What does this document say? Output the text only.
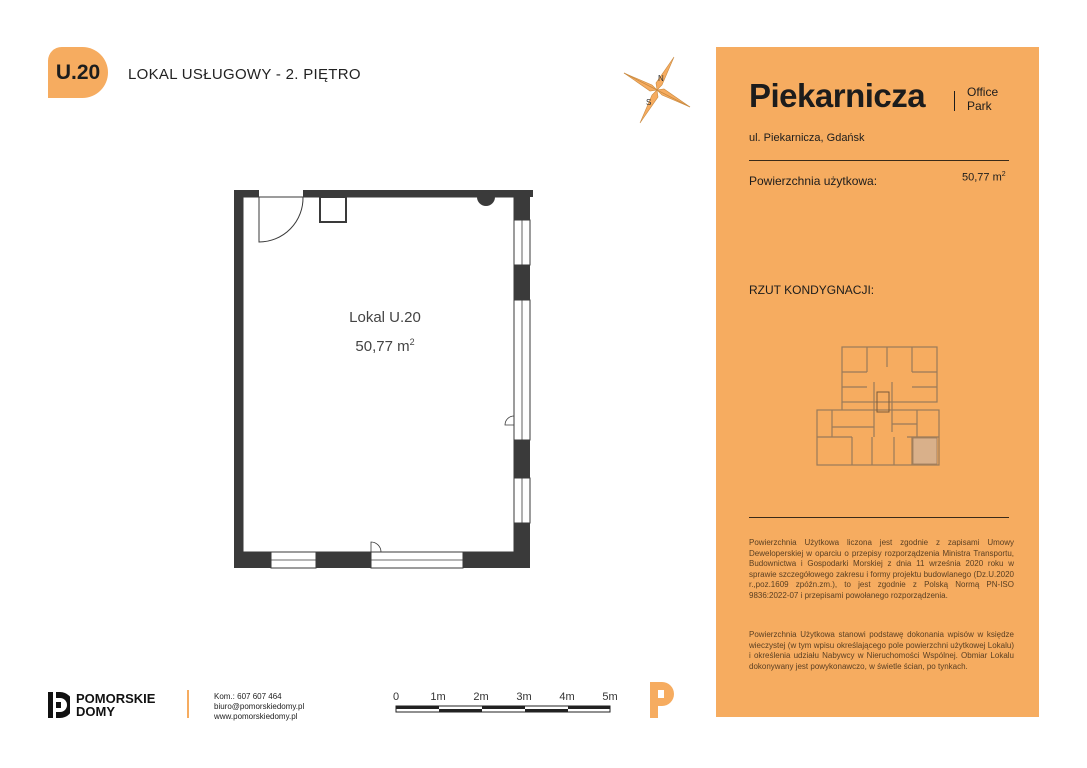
U.20 LOKAL USŁUGOWY - 2. PIĘTRO	N
S
Lokal U.20
50,77 $m^2$
POMORSKIE
DOMY
Kom.: 607 607 464
biuro@pomorskiedomy.pl
www.pomorskiedomy.pl
0	1m	2m	3m	4m	5m
Piekarnicza	Office
Park
ul. Piekarnicza, Gdańsk
Powierzchnia użytkowa:	50,77 $m^2$
RZUT KONDYGNACJI:
Powierzchnia Użytkowa liczona jest zgodnie z zapisami Umowy Deweloperskiej w oparciu o przepisy rozporządzenia Ministra Transportu, Budownictwa i Gospodarki Morskiej z dnia 11 września 2020 roku w sprawie szczegółowego zakresu i formy projektu budowlanego (Dz.U.2020 r.,poz.1609 zpóźn.zm.), to jest zgodnie z Polską Normą PN-ISO 9836:2022-07 i przepisami powołanego rozporządzenia.
Powierzchnia Użytkowa stanowi podstawę dokonania wpisów w księdze wieczystej (w tym wpisu określającego pole powierzchni użytkowej Lokalu) i określenia udziału Nabywcy w Nieruchomości Wspólnej. Obmiar Lokalu dokonywany jest powykonawczo, w świetle ścian, po tynkach.
